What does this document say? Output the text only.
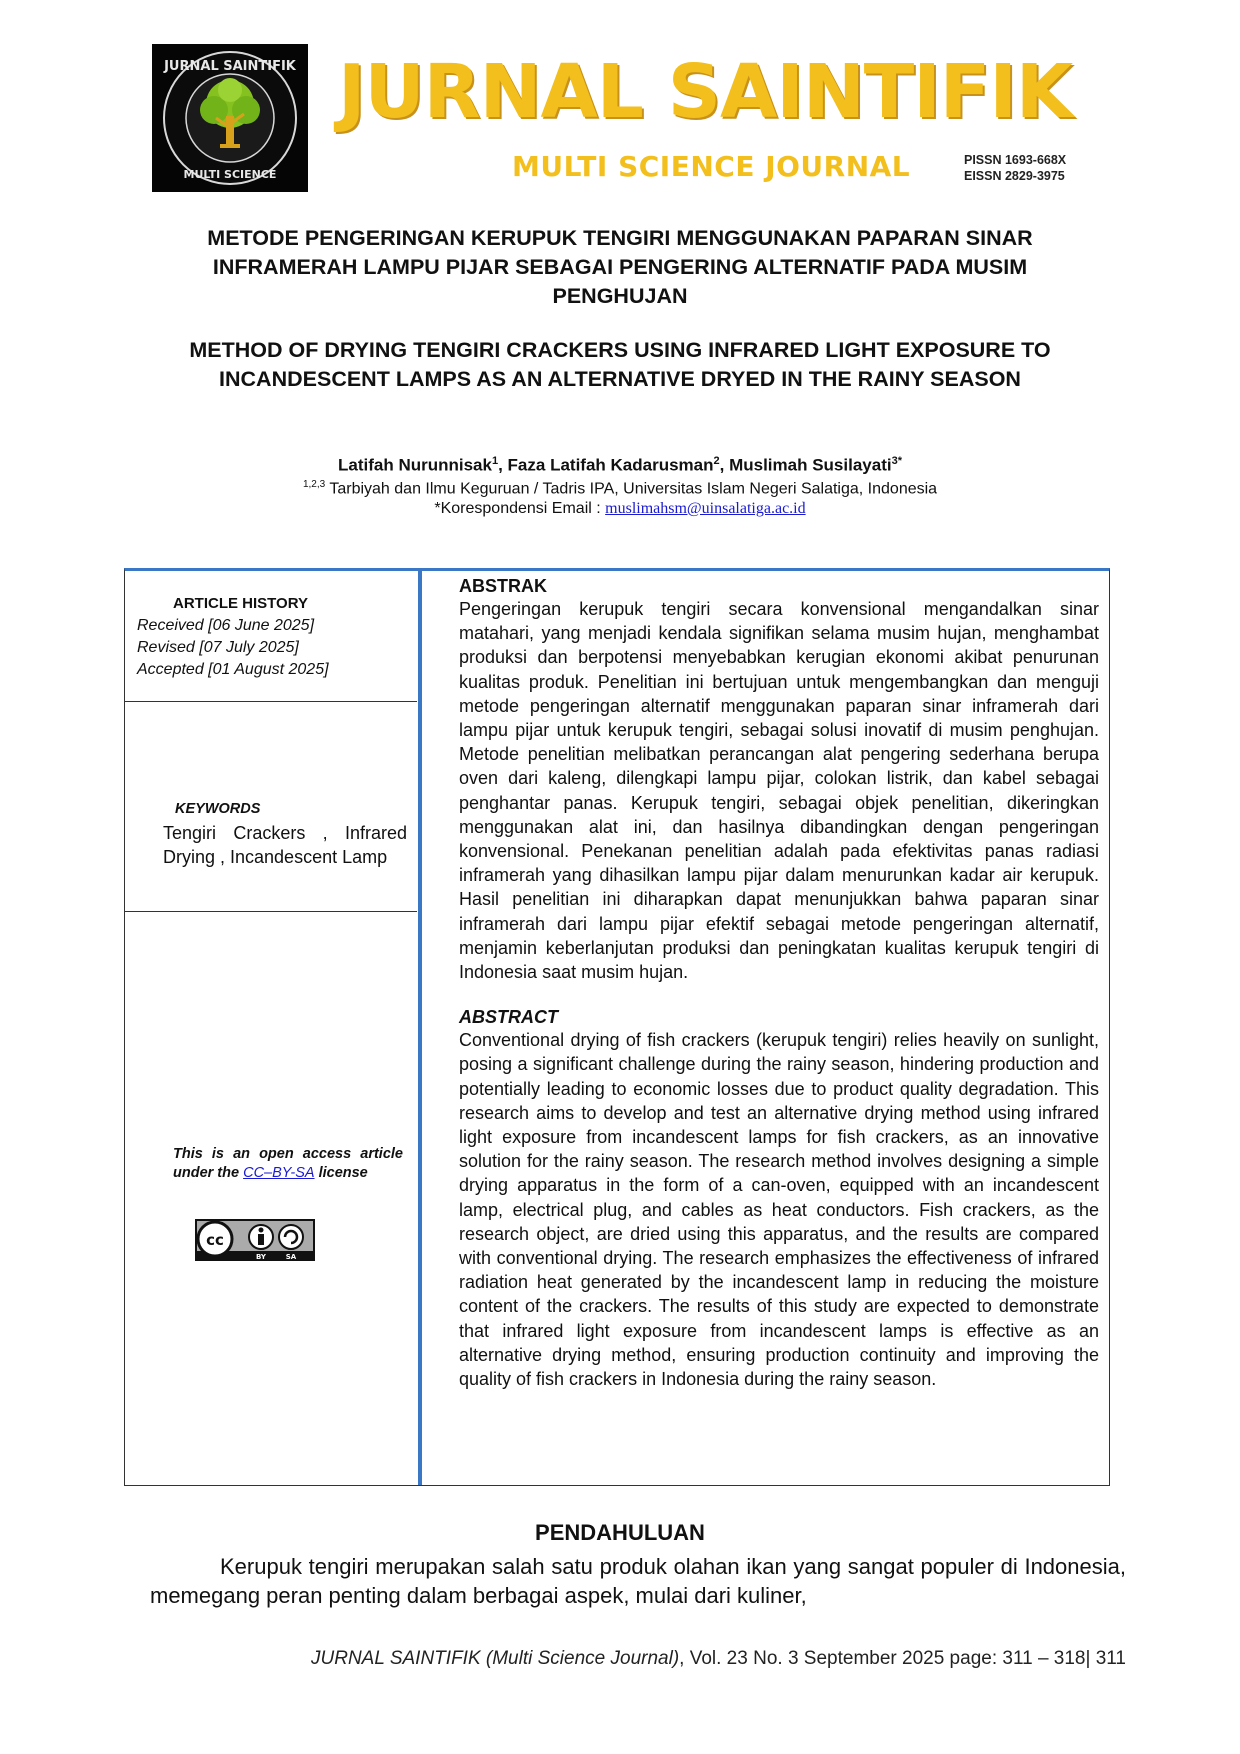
JURNAL SAINTIFIK
MULTI SCIENCE
JURNAL SAINTIFIK
MULTI SCIENCE JOURNAL	PISSN 1693-668X
EISSN 2829-3975
METODE PENGERINGAN KERUPUK TENGIRI MENGGUNAKAN PAPARAN SINAR INFRAMERAH LAMPU PIJAR SEBAGAI PENGERING ALTERNATIF PADA MUSIM PENGHUJAN
METHOD OF DRYING TENGIRI CRACKERS USING INFRARED LIGHT EXPOSURE TO INCANDESCENT LAMPS AS AN ALTERNATIVE DRYED IN THE RAINY SEASON
Latifah Nurunnisak$^1$, Faza Latifah Kadarusman$^2$, Muslimah Susilayati$^{3*}$
$^{1,2,3}$ Tarbiyah dan Ilmu Keguruan / Tadris IPA, Universitas Islam Negeri Salatiga, Indonesia
*Korespondensi Email : muslimahsm@uinsalatiga.ac.id
ARTICLE HISTORY
Received [06 June 2025]
Revised [07 July 2025]
Accepted [01 August 2025]
KEYWORDS
Tengiri Crackers , Infrared Drying , Incandescent Lamp
This is an open access article under the CC–BY-SA license
cc
BY	SA
ABSTRAK

Pengeringan kerupuk tengiri secara konvensional mengandalkan sinar matahari, yang menjadi kendala signifikan selama musim hujan, menghambat produksi dan berpotensi menyebabkan kerugian ekonomi akibat penurunan kualitas produk. Penelitian ini bertujuan untuk mengembangkan dan menguji metode pengeringan alternatif menggunakan paparan sinar inframerah dari lampu pijar untuk kerupuk tengiri, sebagai solusi inovatif di musim penghujan. Metode penelitian melibatkan perancangan alat pengering sederhana berupa oven dari kaleng, dilengkapi lampu pijar, colokan listrik, dan kabel sebagai penghantar panas. Kerupuk tengiri, sebagai objek penelitian, dikeringkan menggunakan alat ini, dan hasilnya dibandingkan dengan pengeringan konvensional. Penekanan penelitian adalah pada efektivitas panas radiasi inframerah yang dihasilkan lampu pijar dalam menurunkan kadar air kerupuk. Hasil penelitian ini diharapkan dapat menunjukkan bahwa paparan sinar inframerah dari lampu pijar efektif sebagai metode pengeringan alternatif, menjamin keberlanjutan produksi dan peningkatan kualitas kerupuk tengiri di Indonesia saat musim hujan.

ABSTRACT

Conventional drying of fish crackers (kerupuk tengiri) relies heavily on sunlight, posing a significant challenge during the rainy season, hindering production and potentially leading to economic losses due to product quality degradation. This research aims to develop and test an alternative drying method using infrared light exposure from incandescent lamps for fish crackers, as an innovative solution for the rainy season. The research method involves designing a simple drying apparatus in the form of a can-oven, equipped with an incandescent lamp, electrical plug, and cables as heat conductors. Fish crackers, as the research object, are dried using this apparatus, and the results are compared with conventional drying. The research emphasizes the effectiveness of infrared radiation heat generated by the incandescent lamp in reducing the moisture content of the crackers. The results of this study are expected to demonstrate that infrared light exposure from incandescent lamps is effective as an alternative drying method, ensuring production continuity and improving the quality of fish crackers in Indonesia during the rainy season.

PENDAHULUAN
Kerupuk tengiri merupakan salah satu produk olahan ikan yang sangat populer di Indonesia, memegang peran penting dalam berbagai aspek, mulai dari kuliner,
JURNAL SAINTIFIK (Multi Science Journal), Vol. 23 No. 3 September 2025 page: 311 – 318| 311
